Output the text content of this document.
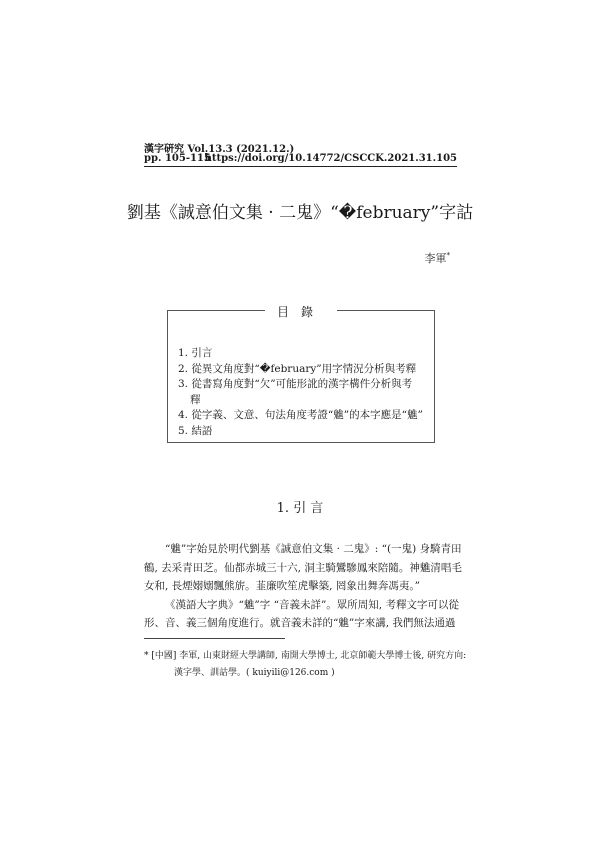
漢字硏究 Vol.13.3 (2021.12.)
pp. 105-115
https://doi.org/10.14772/CSCCK.2021.31.105
劉基《誠意伯文集 · 二鬼》“�february”字詁
李軍*
目錄
1. 引言
2. 從異文角度對“�february”用字情況分析與考釋
3. 從書寫角度對“欠”可能形訛的漢字構件分析與考
釋
4. 從字義、文意、句法角度考證“魋”的本字應是“魋”
5. 結語
1. 引 言
“魋”字始見於明代劉基《誠意伯文集 · 二鬼》: “(一鬼) 身騎青田
鶴, 去采青田芝。仙都赤城三十六, 洞主騎鸞驂鳳來陪隨。神魋清唱毛
女和, 長煙嫋嫋飄熊旂。韮廉吹笙虎擊築, 罔象出舞奔馮夷。”
《漢語大字典》“魋”字 “音義未詳”。眾所周知, 考釋文字可以從
形、音、義三個角度進行。就音義未詳的“魋”字來講, 我們無法通過
* [中國] 李軍, 山東財經大學講師, 南開大學博士, 北京師範大學博士後, 研究方向:
漢字學、訓詁學。( kuiyili@126.com )
